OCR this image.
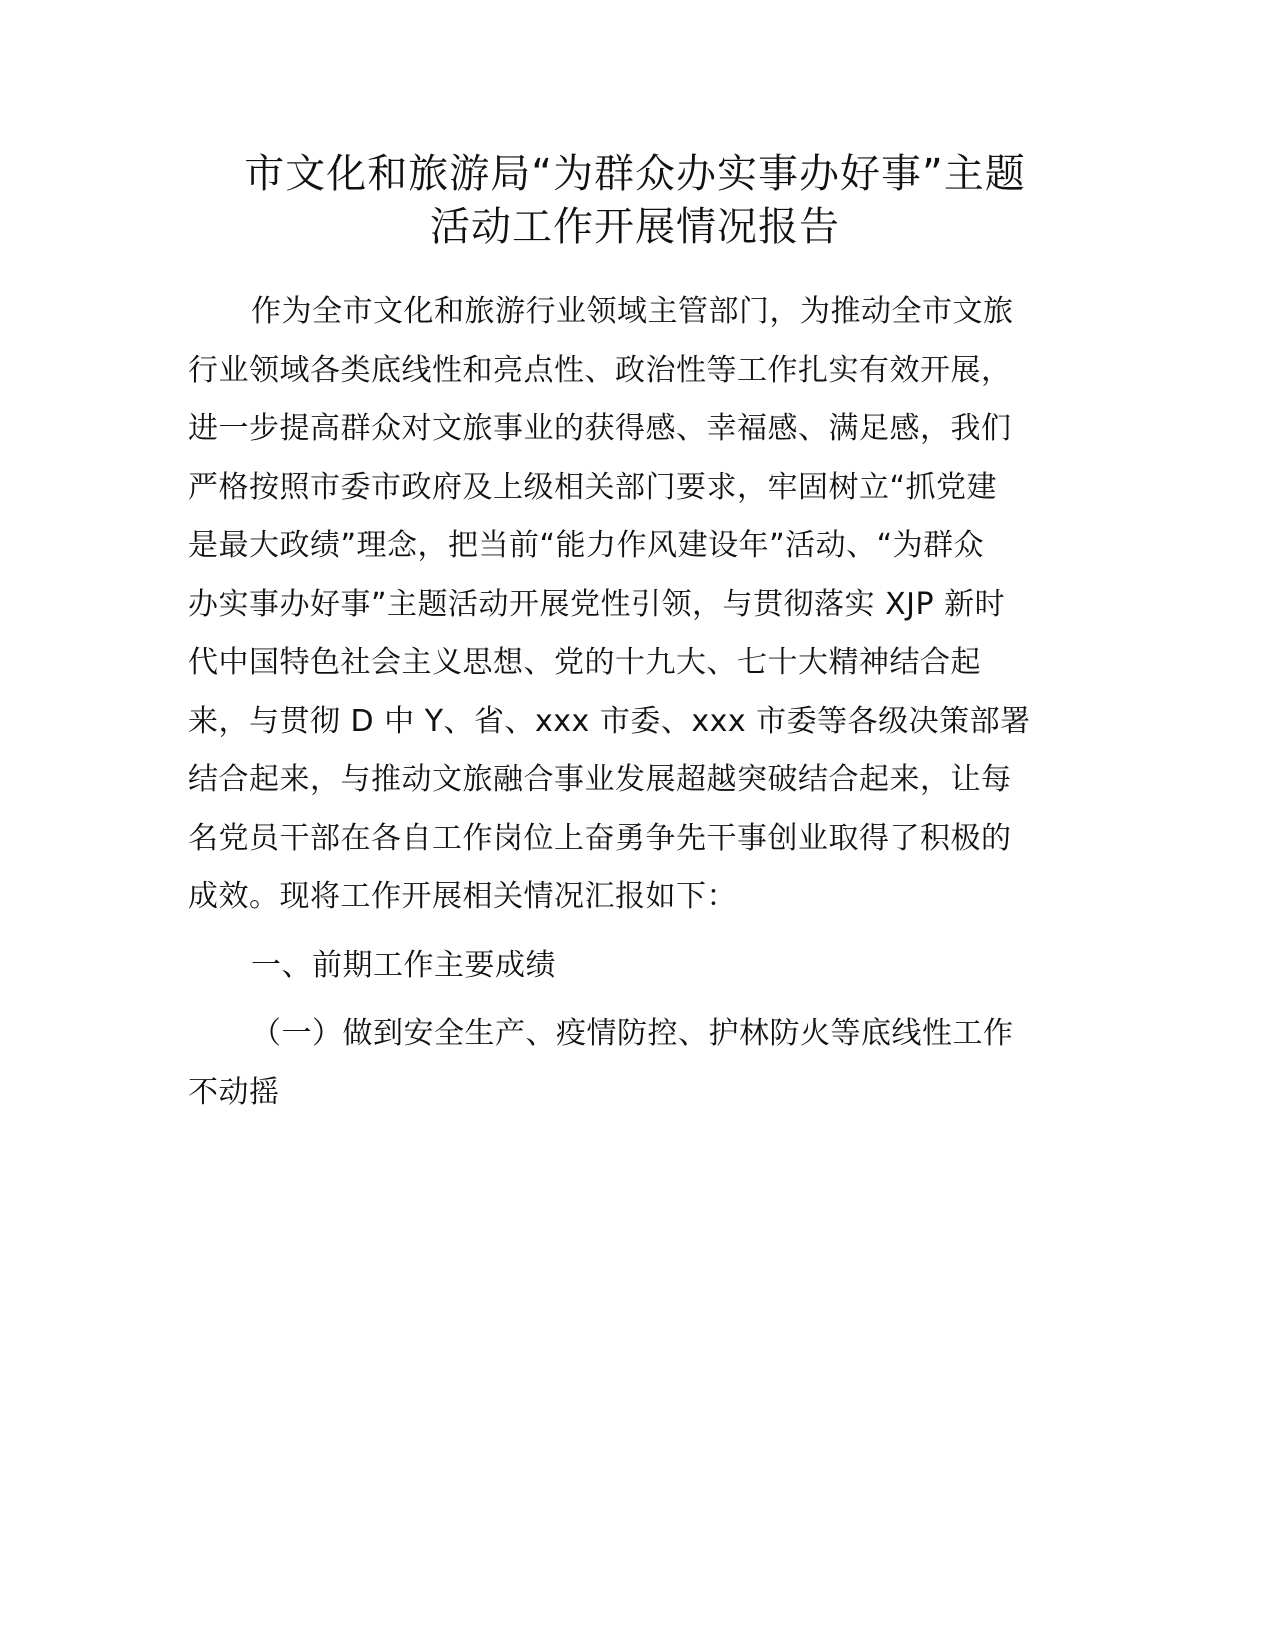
市文化和旅游局“为群众办实事办好事”主题
活动工作开展情况报告
作为全市文化和旅游行业领域主管部门，为推动全市文旅
行业领域各类底线性和亮点性、政治性等工作扎实有效开展，
进一步提高群众对文旅事业的获得感、幸福感、满足感，我们
严格按照市委市政府及上级相关部门要求，牢固树立“抓党建
是最大政绩”理念，把当前“能力作风建设年”活动、“为群众
办实事办好事”主题活动开展党性引领，与贯彻落实 XJP 新时
代中国特色社会主义思想、党的十九大、七十大精神结合起
来，与贯彻 D 中 Y、省、xxx 市委、xxx 市委等各级决策部署
结合起来，与推动文旅融合事业发展超越突破结合起来，让每
名党员干部在各自工作岗位上奋勇争先干事创业取得了积极的
成效。现将工作开展相关情况汇报如下：
一、前期工作主要成绩
（一）做到安全生产、疫情防控、护林防火等底线性工作
不动摇
